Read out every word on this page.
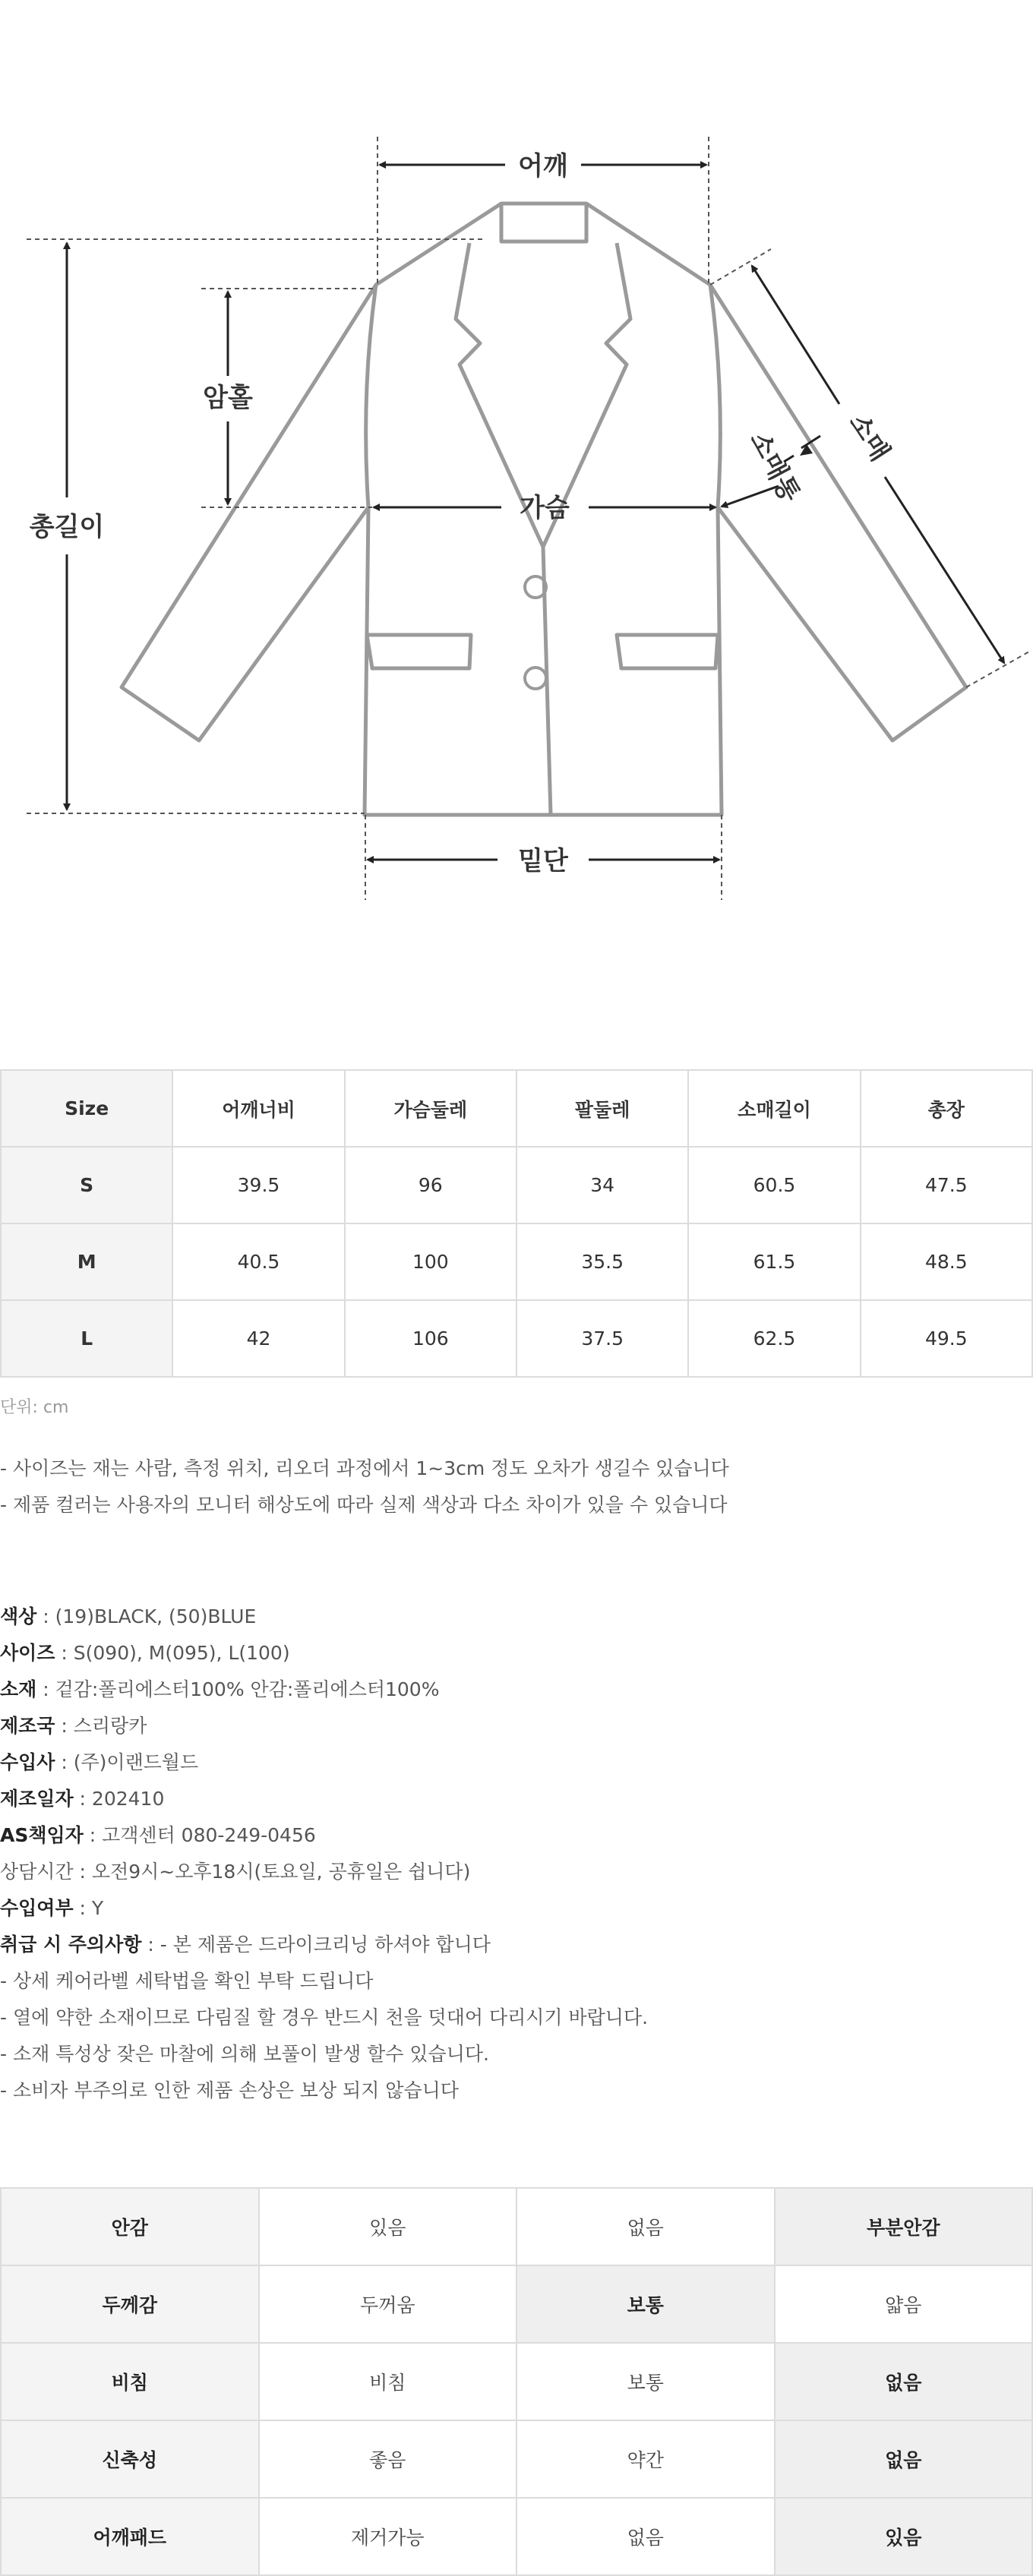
어깨
암홀
총길이
가슴
밑단
소매
소매통
Size	어깨너비	가슴둘레	팔둘레	소매길이	총장
S	39.5	96	34	60.5	47.5
M	40.5	100	35.5	61.5	48.5
L	42	106	37.5	62.5	49.5
단위: cm
- 사이즈는 재는 사람, 측정 위치, 리오더 과정에서 1~3cm 정도 오차가 생길수 있습니다
- 제품 컬러는 사용자의 모니터 해상도에 따라 실제 색상과 다소 차이가 있을 수 있습니다
색상 : (19)BLACK, (50)BLUE
사이즈 : S(090), M(095), L(100)
소재 : 겉감:폴리에스터100% 안감:폴리에스터100%
제조국 : 스리랑카
수입사 : (주)이랜드월드
제조일자 : 202410
AS책임자 : 고객센터 080-249-0456
상담시간 : 오전9시~오후18시(토요일, 공휴일은 쉽니다)
수입여부 : Y
취급 시 주의사항 : - 본 제품은 드라이크리닝 하셔야 합니다
- 상세 케어라벨 세탁법을 확인 부탁 드립니다
- 열에 약한 소재이므로 다림질 할 경우 반드시 천을 덧대어 다리시기 바랍니다.
- 소재 특성상 잦은 마찰에 의해 보풀이 발생 할수 있습니다.
- 소비자 부주의로 인한 제품 손상은 보상 되지 않습니다
안감	있음	없음	부분안감
두께감	두꺼움	보통	얇음
비침	비침	보통	없음
신축성	좋음	약간	없음
어깨패드	제거가능	없음	있음
